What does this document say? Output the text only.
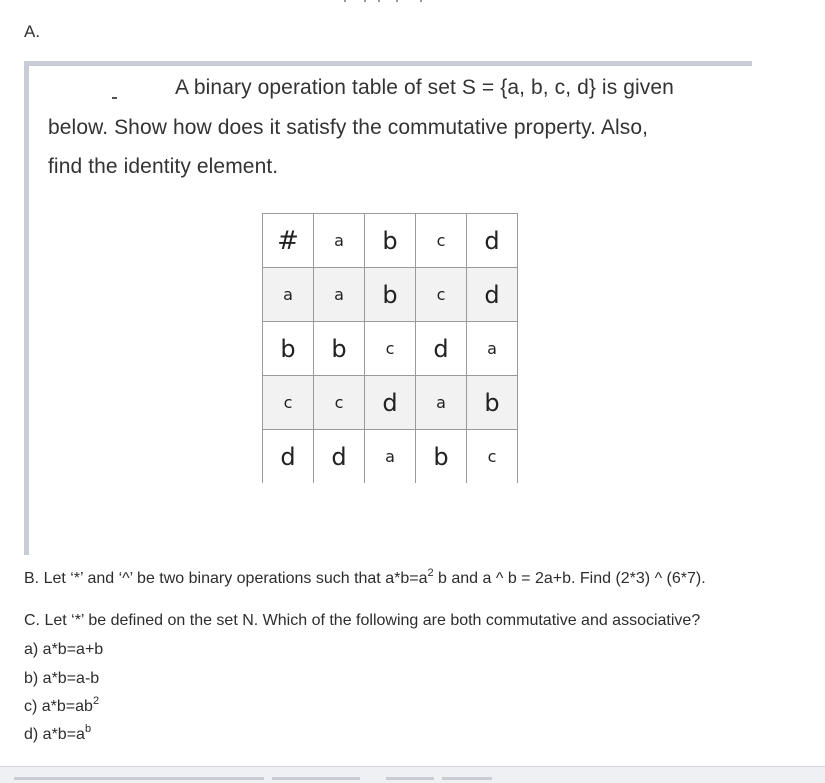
A.
A binary operation table of set S = {a, b, c, d} is given
below. Show how does it satisfy the commutative property. Also,
find the identity element.
#	a	b	c	d
a	a	b	c	d
b	b	c	d	a
c	c	d	a	b
d	d	a	b	c
B. Let ‘*’ and ‘^’ be two binary operations such that $a*b=a^2$ b and a ^ b = 2a+b. Find (2*3) ^ (6*7).
C. Let ‘*’ be defined on the set N. Which of the following are both commutative and associative?
a) a*b=a+b
b) a*b=a-b
c) $a*b=ab^2$
d) $a*b=a^b$
